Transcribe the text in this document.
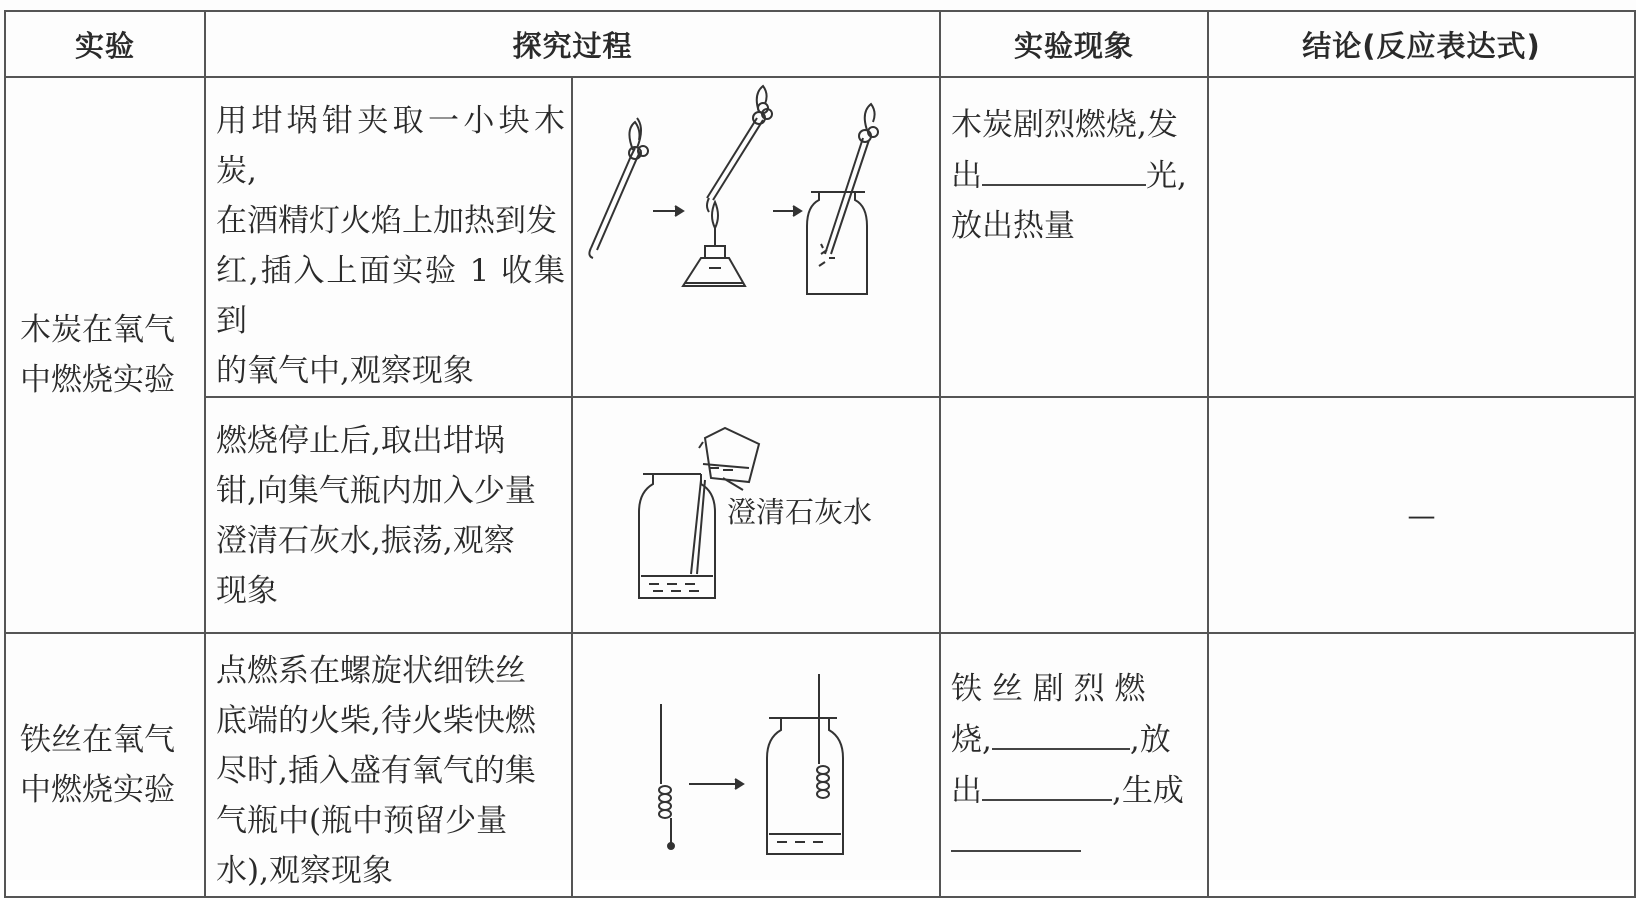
实验	探究过程		实验现象	结论(反应表达式)

木炭在氧气
中燃烧实验	用坩埚钳夹取一小块木炭,
在酒精灯火焰上加热到发
红,插入上面实验 1 收集到
的氧气中,观察现象		木炭剧烈燃烧,发
出 光,
放出热量	

	燃烧停止后,取出坩埚
钳,向集气瓶内加入少量
澄清石灰水,振荡,观察
现象	澄清石灰水		—

铁丝在氧气
中燃烧实验	点燃系在螺旋状细铁丝
底端的火柴,待火柴快燃
尽时,插入盛有氧气的集
气瓶中(瓶中预留少量
水),观察现象		铁 丝 剧 烈 燃
烧, ,放
出 ,生成	
